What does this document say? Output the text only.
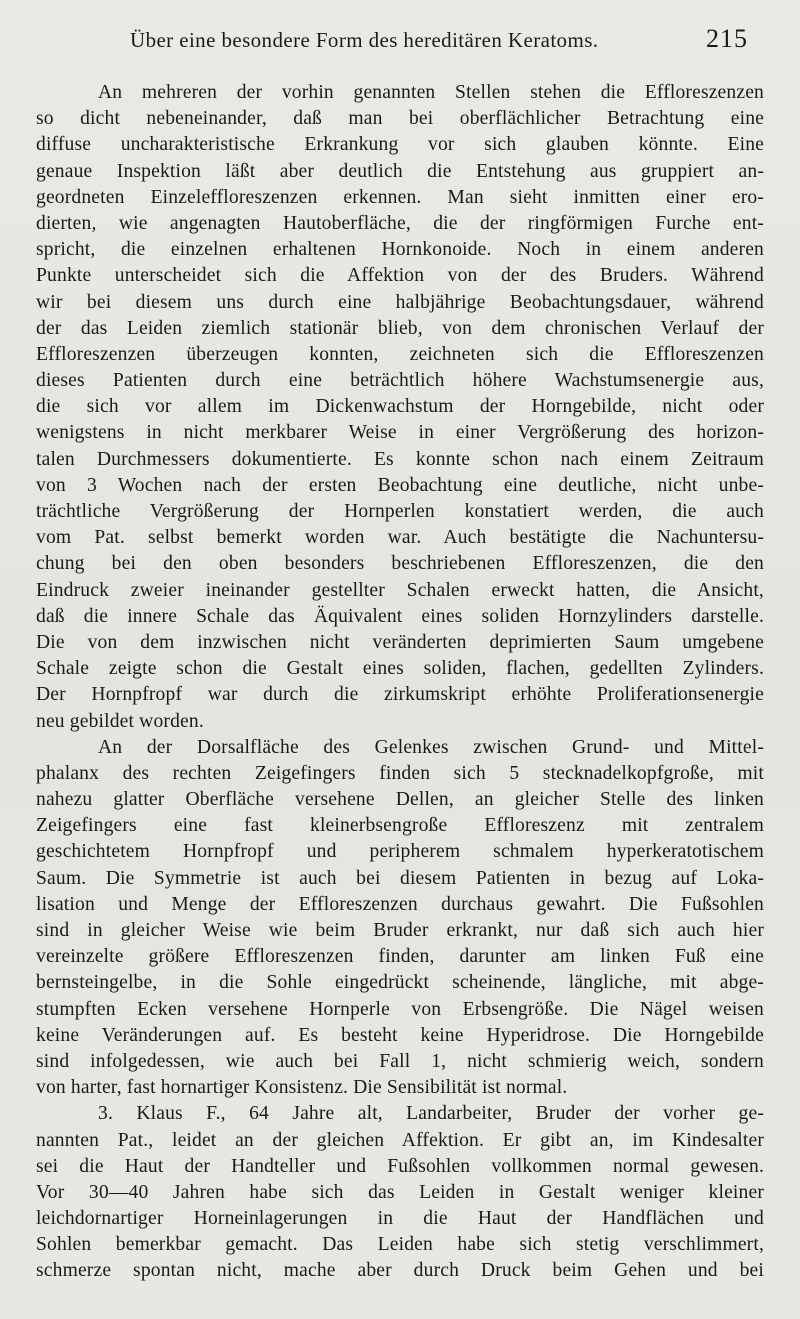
Über eine besondere Form des hereditären Keratoms.	215
An mehreren der vorhin genannten Stellen stehen die Effloreszenzen
so dicht nebeneinander, daß man bei oberflächlicher Betrachtung eine
diffuse uncharakteristische Erkrankung vor sich glauben könnte. Eine
genaue Inspektion läßt aber deutlich die Entstehung aus gruppiert an-
geordneten Einzeleffloreszenzen erkennen. Man sieht inmitten einer ero-
dierten, wie angenagten Hautoberfläche, die der ringförmigen Furche ent-
spricht, die einzelnen erhaltenen Hornkonoide. Noch in einem anderen
Punkte unterscheidet sich die Affektion von der des Bruders. Während
wir bei diesem uns durch eine halbjährige Beobachtungsdauer, während
der das Leiden ziemlich stationär blieb, von dem chronischen Verlauf der
Effloreszenzen überzeugen konnten, zeichneten sich die Effloreszenzen
dieses Patienten durch eine beträchtlich höhere Wachstumsenergie aus,
die sich vor allem im Dickenwachstum der Horngebilde, nicht oder
wenigstens in nicht merkbarer Weise in einer Vergrößerung des horizon-
talen Durchmessers dokumentierte. Es konnte schon nach einem Zeitraum
von 3 Wochen nach der ersten Beobachtung eine deutliche, nicht unbe-
trächtliche Vergrößerung der Hornperlen konstatiert werden, die auch
vom Pat. selbst bemerkt worden war. Auch bestätigte die Nachuntersu-
chung bei den oben besonders beschriebenen Effloreszenzen, die den
Eindruck zweier ineinander gestellter Schalen erweckt hatten, die Ansicht,
daß die innere Schale das Äquivalent eines soliden Hornzylinders darstelle.
Die von dem inzwischen nicht veränderten deprimierten Saum umgebene
Schale zeigte schon die Gestalt eines soliden, flachen, gedellten Zylinders.
Der Hornpfropf war durch die zirkumskript erhöhte Proliferationsenergie
neu gebildet worden.
An der Dorsalfläche des Gelenkes zwischen Grund- und Mittel-
phalanx des rechten Zeigefingers finden sich 5 stecknadelkopfgroße, mit
nahezu glatter Oberfläche versehene Dellen, an gleicher Stelle des linken
Zeigefingers eine fast kleinerbsengroße Effloreszenz mit zentralem
geschichtetem Hornpfropf und peripherem schmalem hyperkeratotischem
Saum. Die Symmetrie ist auch bei diesem Patienten in bezug auf Loka-
lisation und Menge der Effloreszenzen durchaus gewahrt. Die Fußsohlen
sind in gleicher Weise wie beim Bruder erkrankt, nur daß sich auch hier
vereinzelte größere Effloreszenzen finden, darunter am linken Fuß eine
bernsteingelbe, in die Sohle eingedrückt scheinende, längliche, mit abge-
stumpften Ecken versehene Hornperle von Erbsengröße. Die Nägel weisen
keine Veränderungen auf. Es besteht keine Hyperidrose. Die Horngebilde
sind infolgedessen, wie auch bei Fall 1, nicht schmierig weich, sondern
von harter, fast hornartiger Konsistenz. Die Sensibilität ist normal.
3. Klaus F., 64 Jahre alt, Landarbeiter, Bruder der vorher ge-
nannten Pat., leidet an der gleichen Affektion. Er gibt an, im Kindesalter
sei die Haut der Handteller und Fußsohlen vollkommen normal gewesen.
Vor 30—40 Jahren habe sich das Leiden in Gestalt weniger kleiner
leichdornartiger Horneinlagerungen in die Haut der Handflächen und
Sohlen bemerkbar gemacht. Das Leiden habe sich stetig verschlimmert,
schmerze spontan nicht, mache aber durch Druck beim Gehen und bei
